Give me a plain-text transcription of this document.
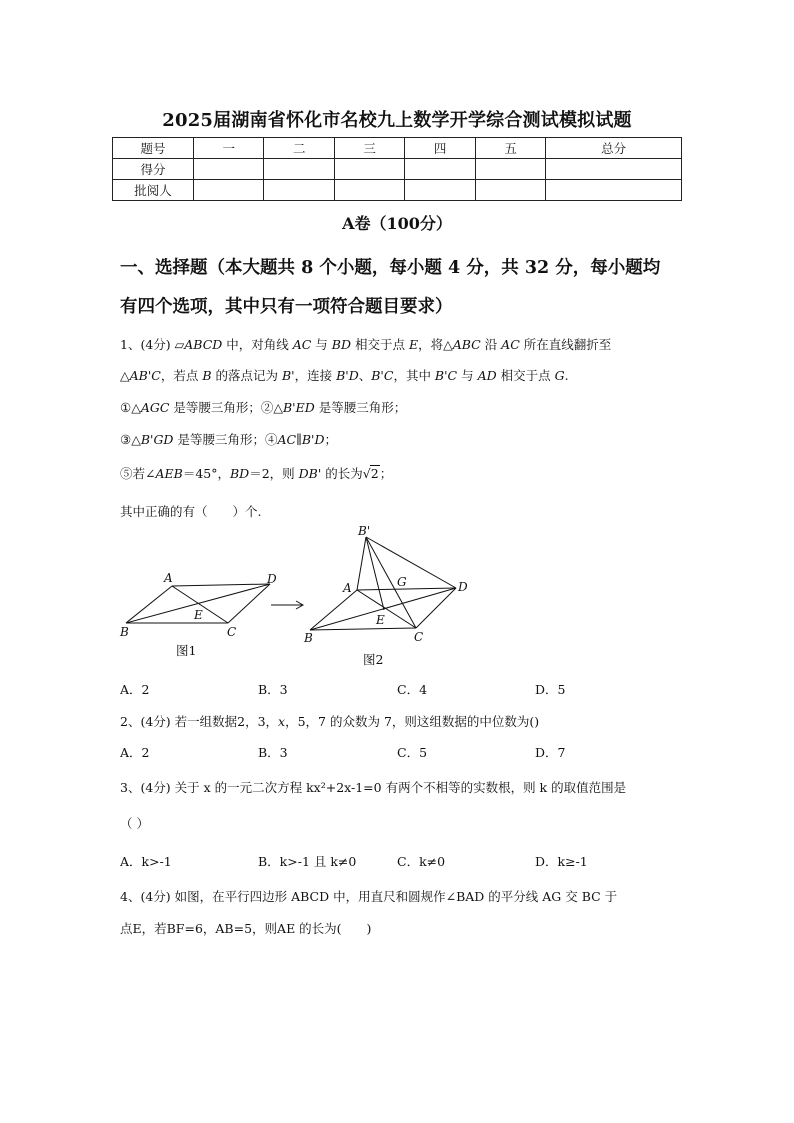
2025届湖南省怀化市名校九上数学开学综合测试模拟试题
题号	一	二	三	四	五	总分
得分						
批阅人						
A卷（100分）
一、选择题（本大题共 8 个小题，每小题 4 分，共 32 分，每小题均
有四个选项，其中只有一项符合题目要求）
1、(4分) ▱ABCD 中，对角线 AC 与 BD 相交于点 E，将△ABC 沿 AC 所在直线翻折至
△AB'C，若点 B 的落点记为 B'，连接 B'D、B'C，其中 B'C 与 AD 相交于点 G.
①△AGC 是等腰三角形；②△B'ED 是等腰三角形；
③△B'GD 是等腰三角形；④AC∥B'D；
⑤若∠AEB＝45°，BD＝2，则 DB' 的长为√2；
其中正确的有（　　）个.
A	D
B	C
E
图1
B'
A	G	D
E
B	C
图2
A．2	B．3	C．4	D．5
2、(4分) 若一组数据2，3，x，5，7 的众数为 7，则这组数据的中位数为()
A．2	B．3	C．5	D．7
3、(4分) 关于 x 的一元二次方程 kx²+2x-1=0 有两个不相等的实数根，则 k 的取值范围是
（ ）
A．k>-1	B．k>-1 且 k≠0	C．k≠0	D．k≥-1
4、(4分) 如图，在平行四边形 ABCD 中，用直尺和圆规作∠BAD 的平分线 AG 交 BC 于
点E，若BF=6，AB=5，则AE 的长为(　　)
